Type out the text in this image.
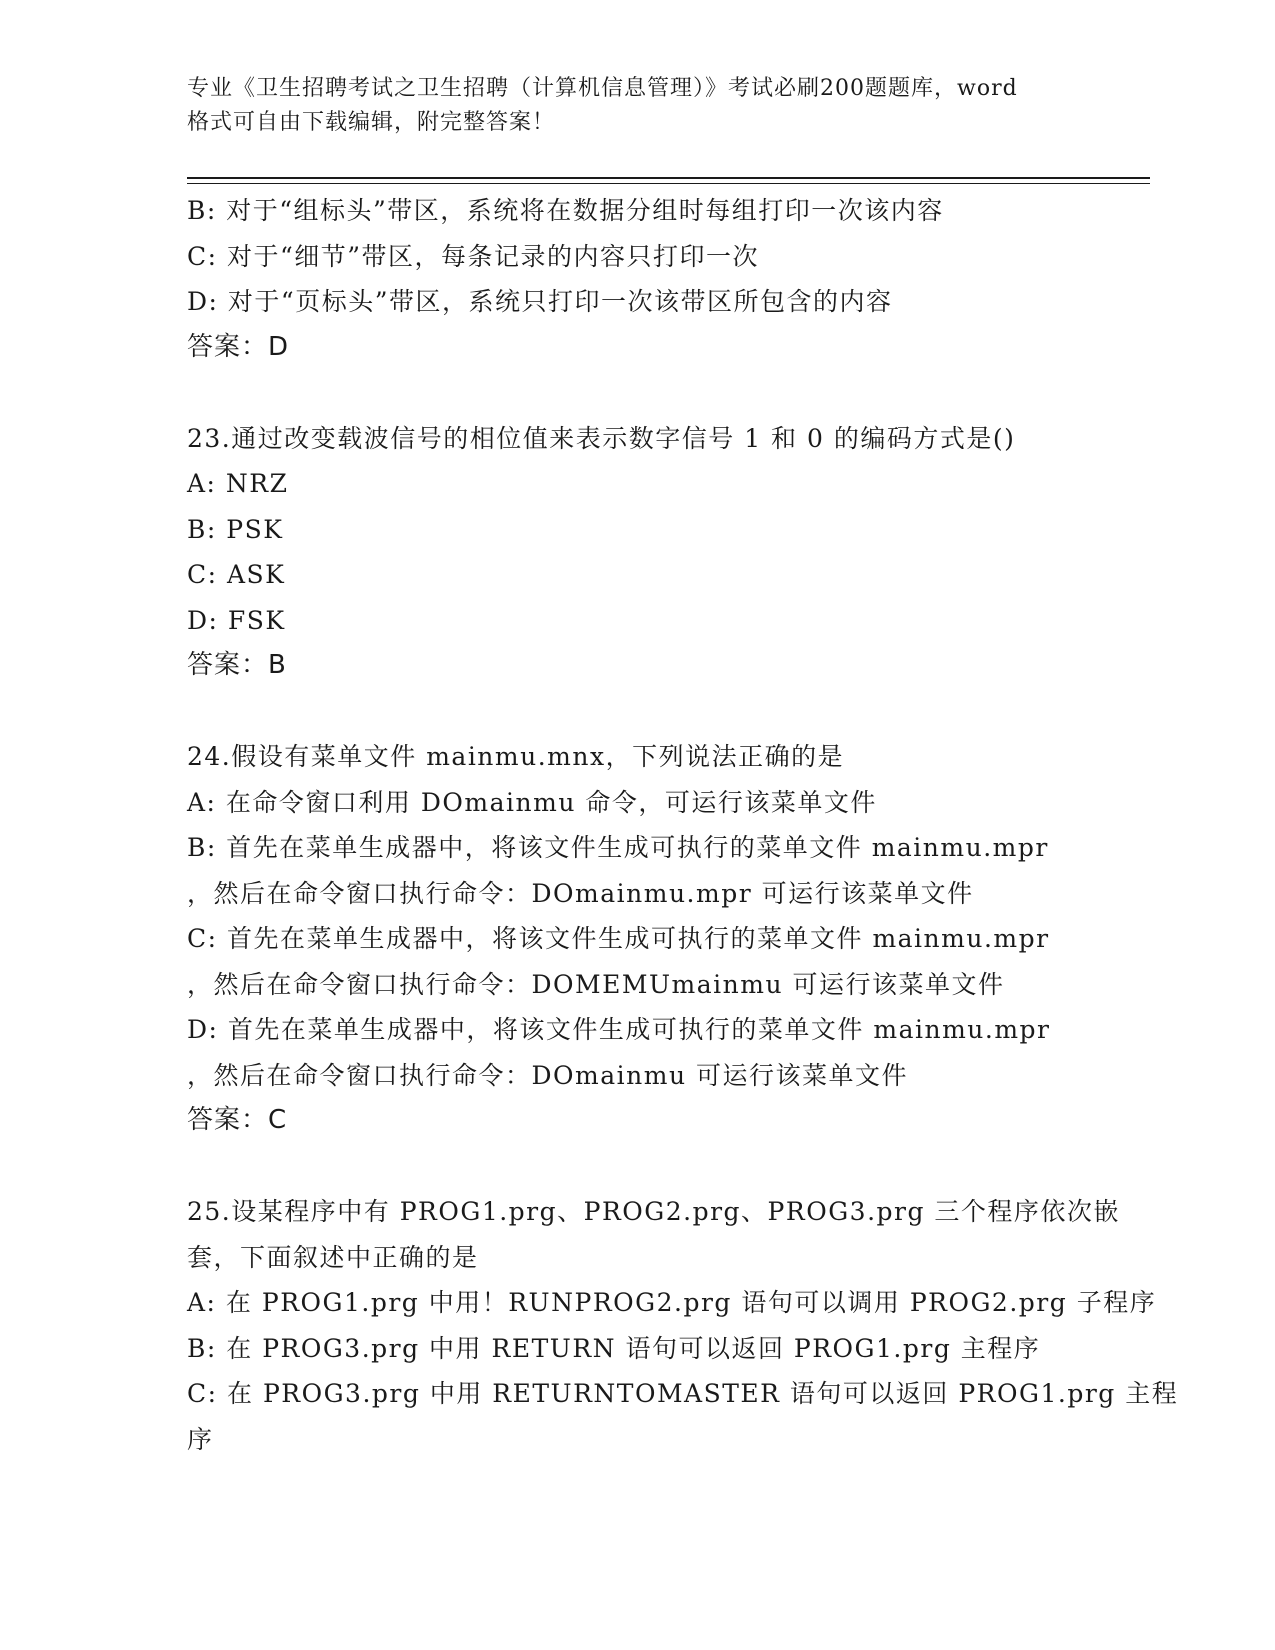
专业《卫生招聘考试之卫生招聘（计算机信息管理）》考试必刷200题题库，word
格式可自由下载编辑，附完整答案！
B: 对于“组标头”带区，系统将在数据分组时每组打印一次该内容
C: 对于“细节”带区，每条记录的内容只打印一次
D: 对于“页标头”带区，系统只打印一次该带区所包含的内容
答案：D
23.通过改变载波信号的相位值来表示数字信号 1 和 0 的编码方式是()
A: NRZ
B: PSK
C: ASK
D: FSK
答案：B
24.假设有菜单文件 mainmu.mnx，下列说法正确的是
A: 在命令窗口利用 DOmainmu 命令，可运行该菜单文件
B: 首先在菜单生成器中，将该文件生成可执行的菜单文件 mainmu.mpr
，然后在命令窗口执行命令：DOmainmu.mpr 可运行该菜单文件
C: 首先在菜单生成器中，将该文件生成可执行的菜单文件 mainmu.mpr
，然后在命令窗口执行命令：DOMEMUmainmu 可运行该菜单文件
D: 首先在菜单生成器中，将该文件生成可执行的菜单文件 mainmu.mpr
，然后在命令窗口执行命令：DOmainmu 可运行该菜单文件
答案：C
25.设某程序中有 PROG1.prg、PROG2.prg、PROG3.prg 三个程序依次嵌
套，下面叙述中正确的是
A: 在 PROG1.prg 中用！RUNPROG2.prg 语句可以调用 PROG2.prg 子程序
B: 在 PROG3.prg 中用 RETURN 语句可以返回 PROG1.prg 主程序
C: 在 PROG3.prg 中用 RETURNTOMASTER 语句可以返回 PROG1.prg 主程
序
